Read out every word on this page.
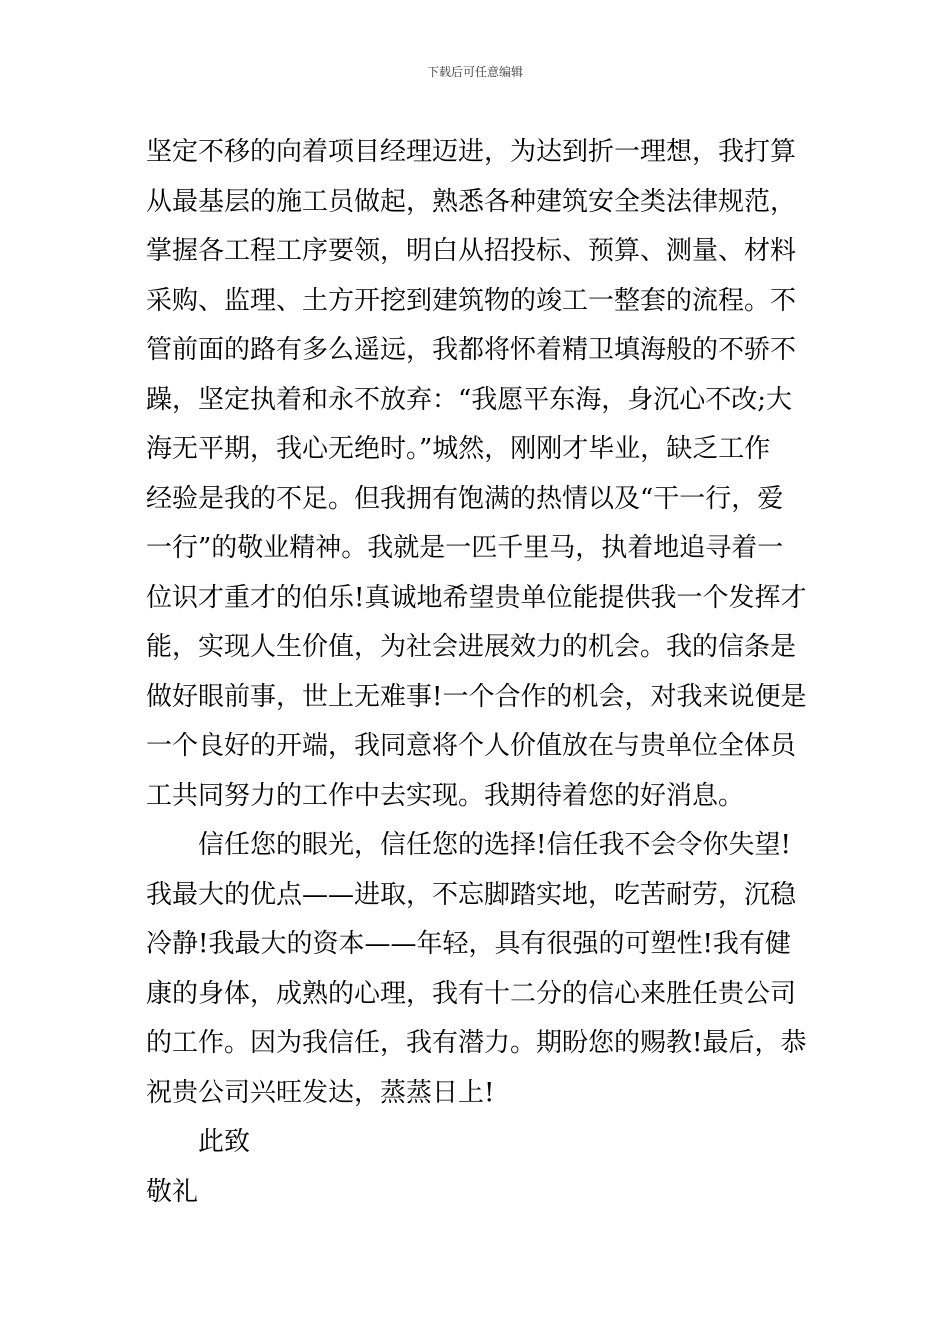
下载后可任意编辑
坚定不移的向着项目经理迈进，为达到折一理想，我打算
从最基层的施工员做起，熟悉各种建筑安全类法律规范，
掌握各工程工序要领，明白从招投标、预算、测量、材料
采购、监理、土方开挖到建筑物的竣工一整套的流程。不
管前面的路有多么遥远，我都将怀着精卫填海般的不骄不
躁，坚定执着和永不放弃：“我愿平东海，身沉心不改;大
海无平期，我心无绝时。”城然，刚刚才毕业，缺乏工作
经验是我的不足。但我拥有饱满的热情以及“干一行，爱
一行”的敬业精神。我就是一匹千里马，执着地追寻着一
位识才重才的伯乐!真诚地希望贵单位能提供我一个发挥才
能，实现人生价值，为社会进展效力的机会。我的信条是
做好眼前事，世上无难事!一个合作的机会，对我来说便是
一个良好的开端，我同意将个人价值放在与贵单位全体员
工共同努力的工作中去实现。我期待着您的好消息。
信任您的眼光，信任您的选择!信任我不会令你失望!
我最大的优点——进取，不忘脚踏实地，吃苦耐劳，沉稳
冷静!我最大的资本——年轻，具有很强的可塑性!我有健
康的身体，成熟的心理，我有十二分的信心来胜任贵公司
的工作。因为我信任，我有潜力。期盼您的赐教!最后，恭
祝贵公司兴旺发达，蒸蒸日上!
此致
敬礼
